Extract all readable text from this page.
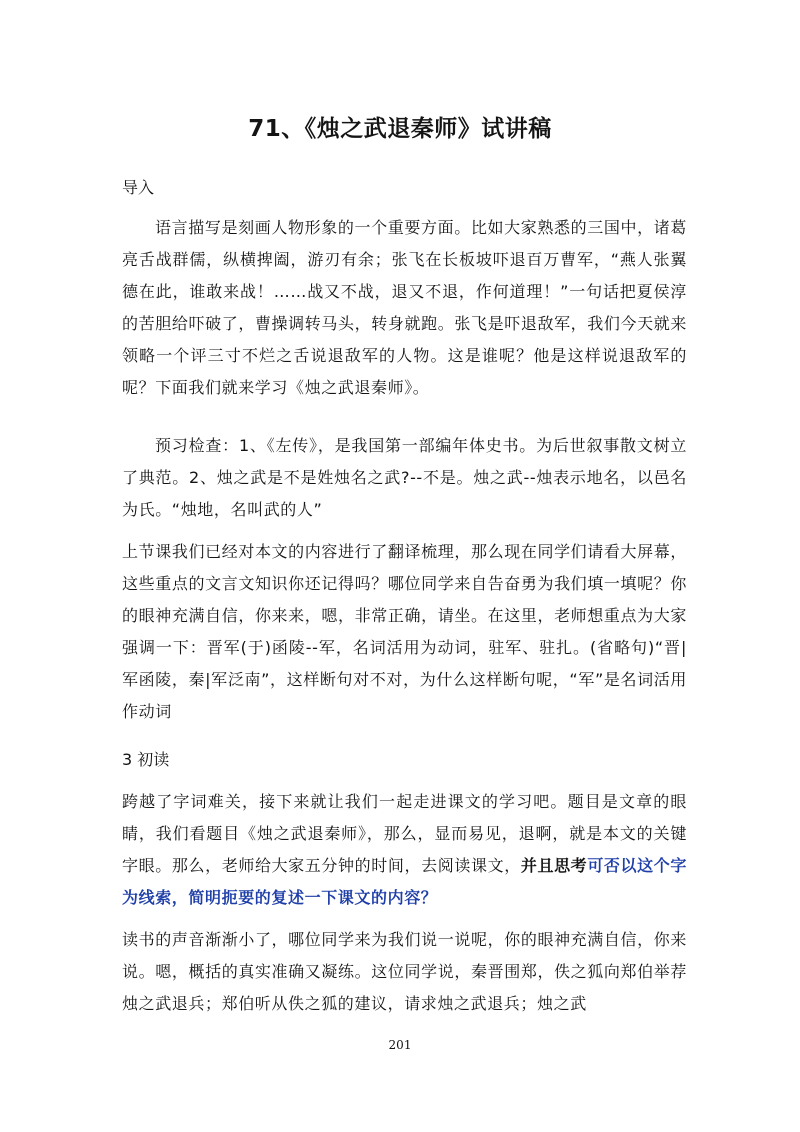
71、《烛之武退秦师》试讲稿
导入

语言描写是刻画人物形象的一个重要方面。比如大家熟悉的三国中，诸葛亮舌战群儒，纵横捭阖，游刃有余；张飞在长板坡吓退百万曹军，“燕人张翼德在此，谁敢来战！……战又不战，退又不退，作何道理！”一句话把夏侯淳的苦胆给吓破了，曹操调转马头，转身就跑。张飞是吓退敌军，我们今天就来领略一个评三寸不烂之舌说退敌军的人物。这是谁呢？他是这样说退敌军的呢？下面我们就来学习《烛之武退秦师》。

预习检查：1、《左传》，是我国第一部编年体史书。为后世叙事散文树立了典范。2、烛之武是不是姓烛名之武?--不是。烛之武--烛表示地名，以邑名为氏。“烛地，名叫武的人”

上节课我们已经对本文的内容进行了翻译梳理，那么现在同学们请看大屏幕，这些重点的文言文知识你还记得吗？哪位同学来自告奋勇为我们填一填呢？你的眼神充满自信，你来来，嗯，非常正确，请坐。在这里，老师想重点为大家强调一下：晋军(于)函陵--军，名词活用为动词，驻军、驻扎。(省略句)“晋|军函陵，秦|军泛南”，这样断句对不对，为什么这样断句呢，“军”是名词活用作动词

3 初读

跨越了字词难关，接下来就让我们一起走进课文的学习吧。题目是文章的眼睛，我们看题目《烛之武退秦师》，那么，显而易见，退啊，就是本文的关键字眼。那么，老师给大家五分钟的时间，去阅读课文，并且思考可否以这个字为线索，简明扼要的复述一下课文的内容？

读书的声音渐渐小了，哪位同学来为我们说一说呢，你的眼神充满自信，你来说。嗯，概括的真实准确又凝练。这位同学说，秦晋围郑，佚之狐向郑伯举荐烛之武退兵；郑伯听从佚之狐的建议，请求烛之武退兵；烛之武

201
